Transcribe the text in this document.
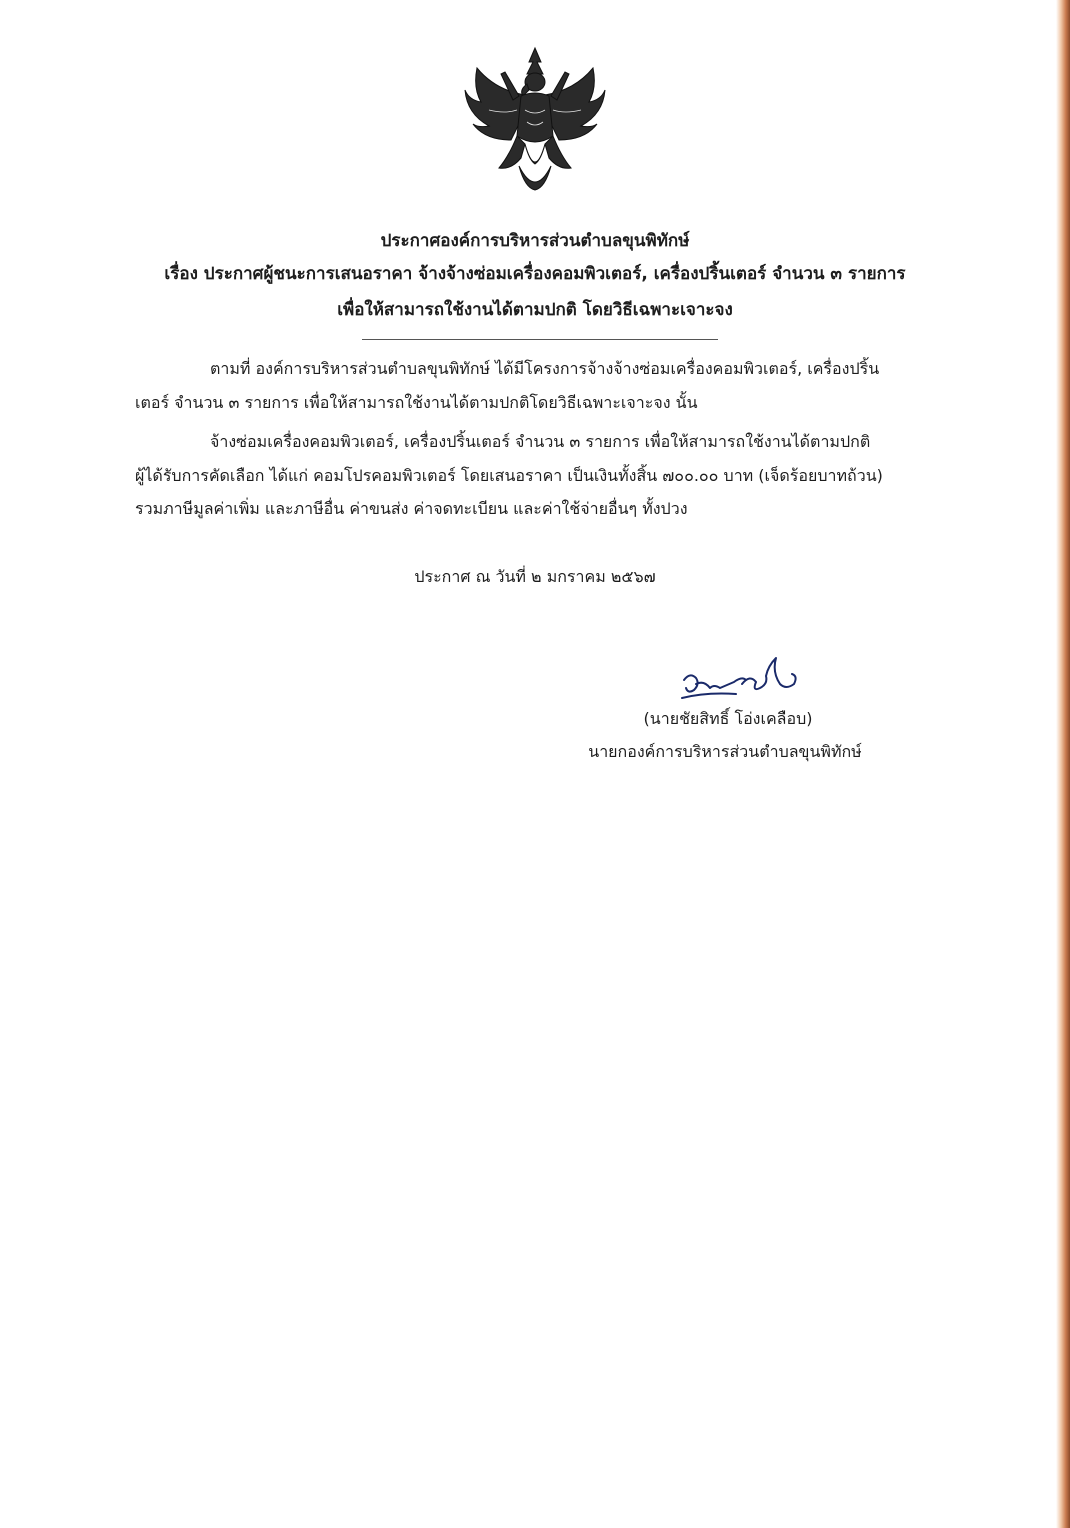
ประกาศองค์การบริหารส่วนตำบลขุนพิทักษ์
เรื่อง ประกาศผู้ชนะการเสนอราคา จ้างจ้างซ่อมเครื่องคอมพิวเตอร์, เครื่องปริ้นเตอร์ จำนวน ๓ รายการ
เพื่อให้สามารถใช้งานได้ตามปกติ โดยวิธีเฉพาะเจาะจง
ตามที่ องค์การบริหารส่วนตำบลขุนพิทักษ์ ได้มีโครงการจ้างจ้างซ่อมเครื่องคอมพิวเตอร์, เครื่องปริ้น
เตอร์ จำนวน ๓ รายการ เพื่อให้สามารถใช้งานได้ตามปกติโดยวิธีเฉพาะเจาะจง นั้น
จ้างซ่อมเครื่องคอมพิวเตอร์, เครื่องปริ้นเตอร์ จำนวน ๓ รายการ เพื่อให้สามารถใช้งานได้ตามปกติ
ผู้ได้รับการคัดเลือก ได้แก่ คอมโปรคอมพิวเตอร์ โดยเสนอราคา เป็นเงินทั้งสิ้น ๗๐๐.๐๐ บาท (เจ็ดร้อยบาทถ้วน)
รวมภาษีมูลค่าเพิ่ม และภาษีอื่น ค่าขนส่ง ค่าจดทะเบียน และค่าใช้จ่ายอื่นๆ ทั้งปวง
ประกาศ ณ วันที่ ๒ มกราคม ๒๕๖๗
(นายชัยสิทธิ์ โอ่งเคลือบ)
นายกองค์การบริหารส่วนตำบลขุนพิทักษ์
